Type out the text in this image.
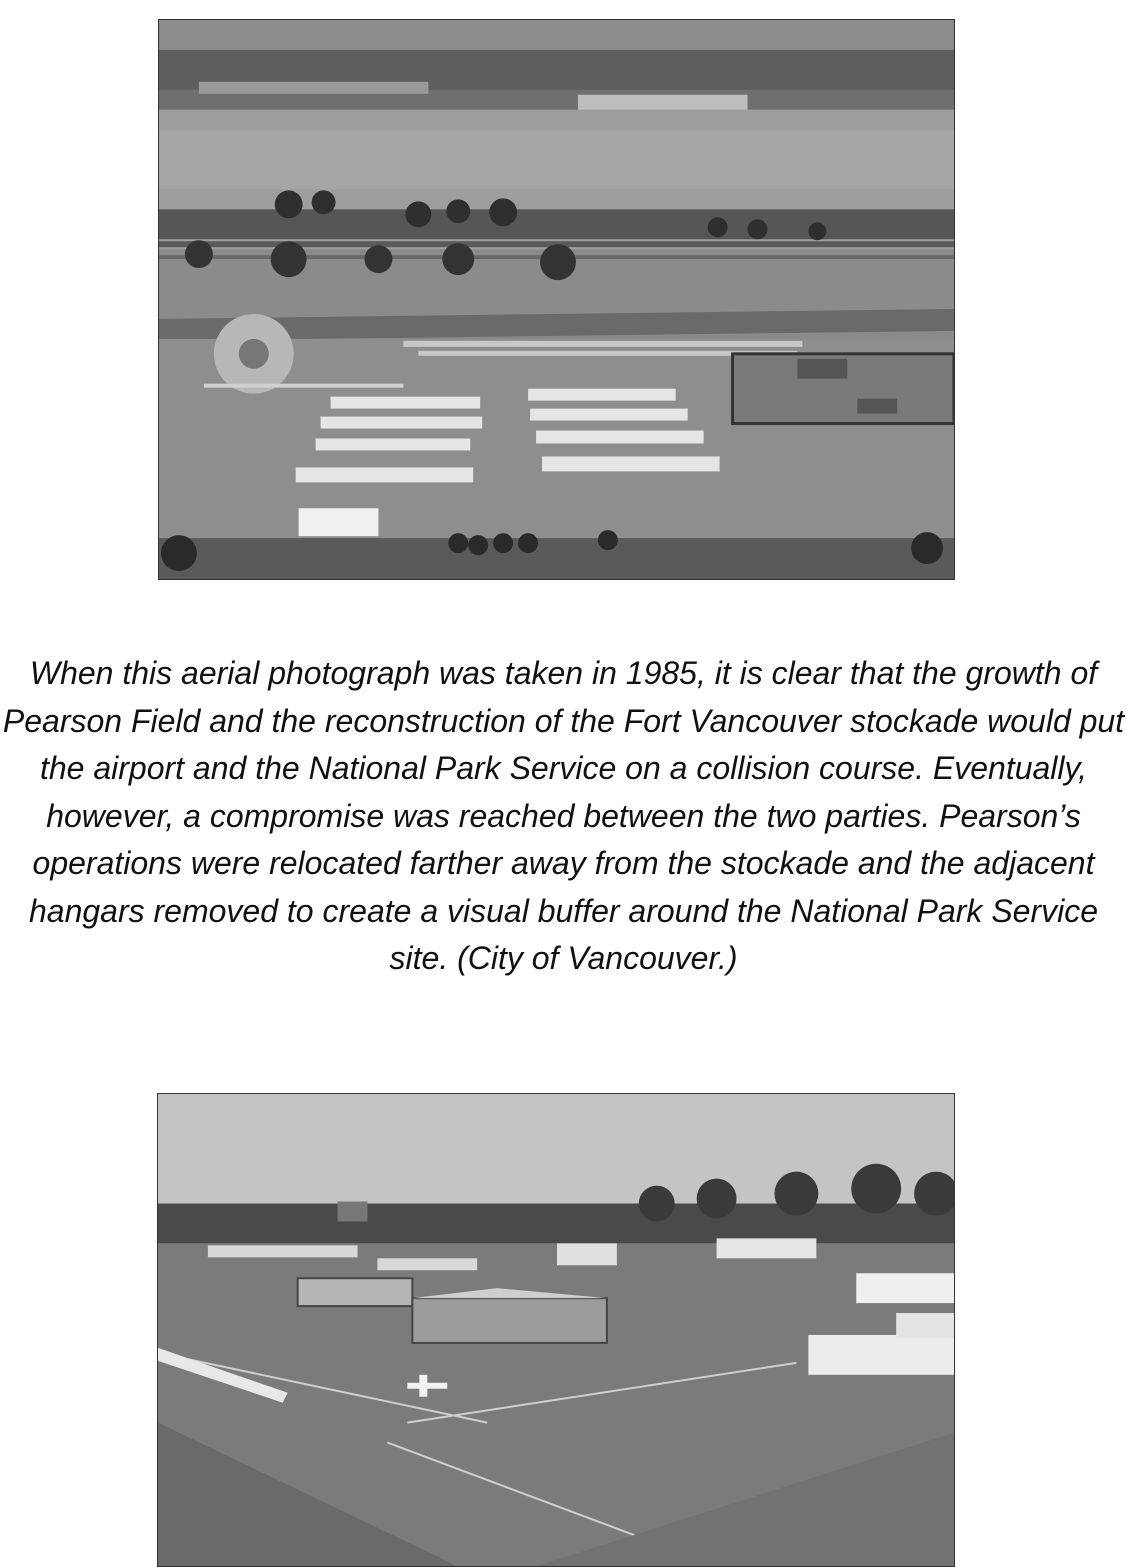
When this aerial photograph was taken in 1985, it is clear that the growth of Pearson Field and the reconstruction of the Fort Vancouver stockade would put the airport and the National Park Service on a collision course. Eventually, however, a compromise was reached between the two parties. Pearson’s operations were relocated farther away from the stockade and the adjacent hangars removed to create a visual buffer around the National Park Service site. (City of Vancouver.)
